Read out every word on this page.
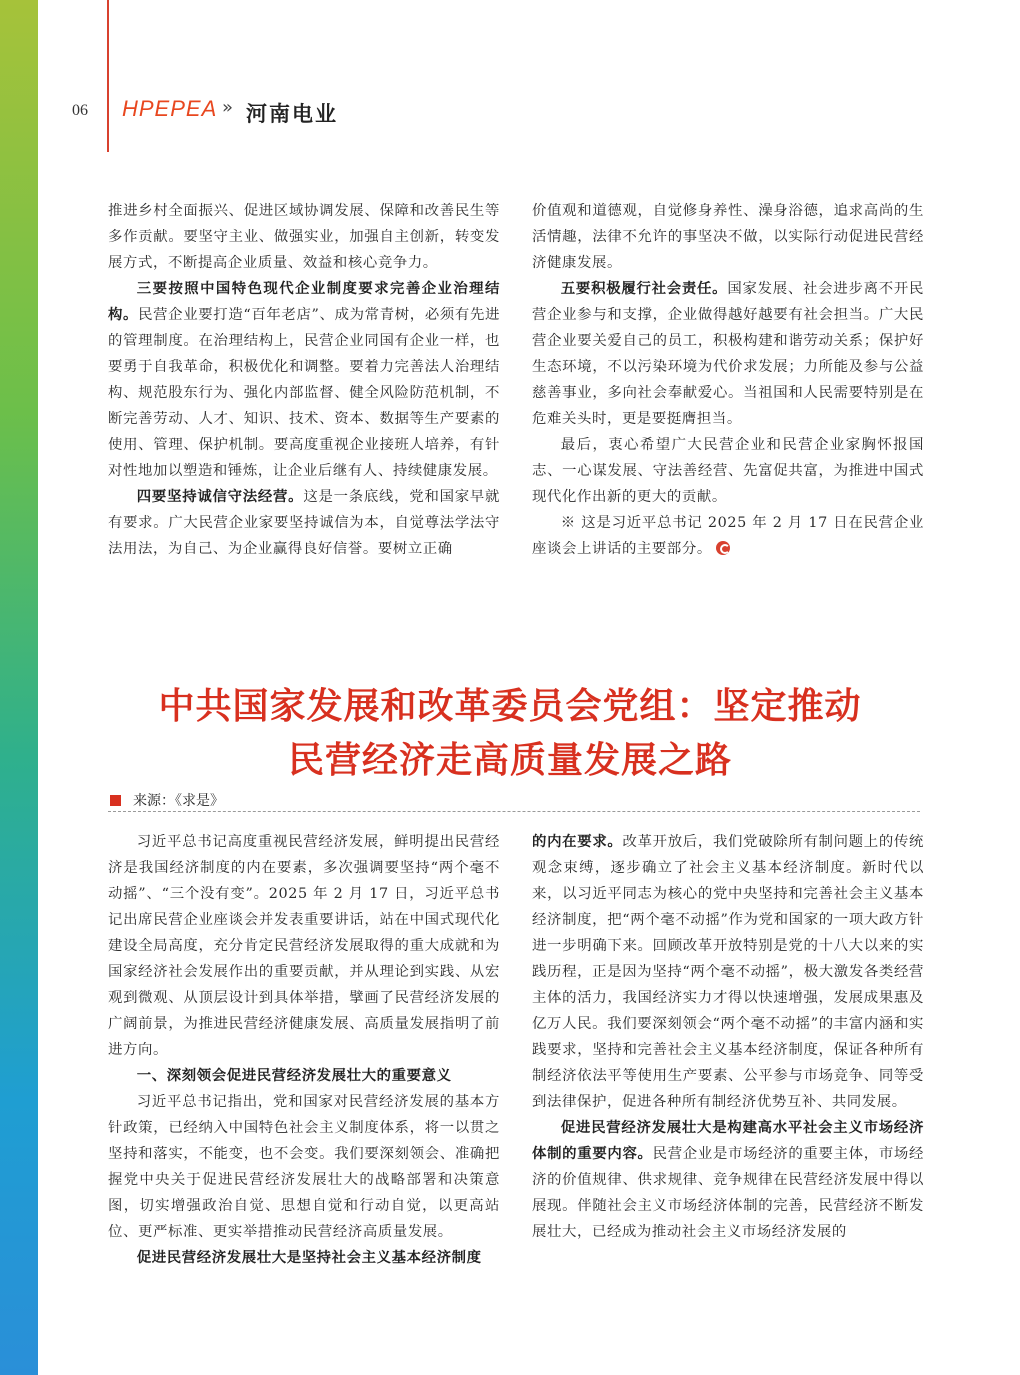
06	HPEPEA » 河南电业

推进乡村全面振兴、促进区域协调发展、保障和改善民生等多作贡献。要坚守主业、做强实业，加强自主创新，转变发展方式，不断提高企业质量、效益和核心竞争力。

三要按照中国特色现代企业制度要求完善企业治理结构。民营企业要打造“百年老店”、成为常青树，必须有先进的管理制度。在治理结构上，民营企业同国有企业一样，也要勇于自我革命，积极优化和调整。要着力完善法人治理结构、规范股东行为、强化内部监督、健全风险防范机制，不断完善劳动、人才、知识、技术、资本、数据等生产要素的使用、管理、保护机制。要高度重视企业接班人培养，有针对性地加以塑造和锤炼，让企业后继有人、持续健康发展。

四要坚持诚信守法经营。这是一条底线，党和国家早就有要求。广大民营企业家要坚持诚信为本，自觉尊法学法守法用法，为自己、为企业赢得良好信誉。要树立正确

价值观和道德观，自觉修身养性、澡身浴德，追求高尚的生活情趣，法律不允许的事坚决不做，以实际行动促进民营经济健康发展。

五要积极履行社会责任。国家发展、社会进步离不开民营企业参与和支撑，企业做得越好越要有社会担当。广大民营企业要关爱自己的员工，积极构建和谐劳动关系；保护好生态环境，不以污染环境为代价求发展；力所能及参与公益慈善事业，多向社会奉献爱心。当祖国和人民需要特别是在危难关头时，更是要挺膺担当。

最后，衷心希望广大民营企业和民营企业家胸怀报国志、一心谋发展、守法善经营、先富促共富，为推进中国式现代化作出新的更大的贡献。

※ 这是习近平总书记 2025 年 2 月 17 日在民营企业座谈会上讲话的主要部分。

中共国家发展和改革委员会党组：坚定推动
民营经济走高质量发展之路
来源：《求是》

习近平总书记高度重视民营经济发展，鲜明提出民营经济是我国经济制度的内在要素，多次强调要坚持“两个毫不动摇”、“三个没有变”。2025 年 2 月 17 日，习近平总书记出席民营企业座谈会并发表重要讲话，站在中国式现代化建设全局高度，充分肯定民营经济发展取得的重大成就和为国家经济社会发展作出的重要贡献，并从理论到实践、从宏观到微观、从顶层设计到具体举措，擘画了民营经济发展的广阔前景，为推进民营经济健康发展、高质量发展指明了前进方向。

一、深刻领会促进民营经济发展壮大的重要意义

习近平总书记指出，党和国家对民营经济发展的基本方针政策，已经纳入中国特色社会主义制度体系，将一以贯之坚持和落实，不能变，也不会变。我们要深刻领会、准确把握党中央关于促进民营经济发展壮大的战略部署和决策意图，切实增强政治自觉、思想自觉和行动自觉，以更高站位、更严标准、更实举措推动民营经济高质量发展。

促进民营经济发展壮大是坚持社会主义基本经济制度

的内在要求。改革开放后，我们党破除所有制问题上的传统观念束缚，逐步确立了社会主义基本经济制度。新时代以来，以习近平同志为核心的党中央坚持和完善社会主义基本经济制度，把“两个毫不动摇”作为党和国家的一项大政方针进一步明确下来。回顾改革开放特别是党的十八大以来的实践历程，正是因为坚持“两个毫不动摇”，极大激发各类经营主体的活力，我国经济实力才得以快速增强，发展成果惠及亿万人民。我们要深刻领会“两个毫不动摇”的丰富内涵和实践要求，坚持和完善社会主义基本经济制度，保证各种所有制经济依法平等使用生产要素、公平参与市场竞争、同等受到法律保护，促进各种所有制经济优势互补、共同发展。

促进民营经济发展壮大是构建高水平社会主义市场经济体制的重要内容。民营企业是市场经济的重要主体，市场经济的价值规律、供求规律、竞争规律在民营经济发展中得以展现。伴随社会主义市场经济体制的完善，民营经济不断发展壮大，已经成为推动社会主义市场经济发展的
